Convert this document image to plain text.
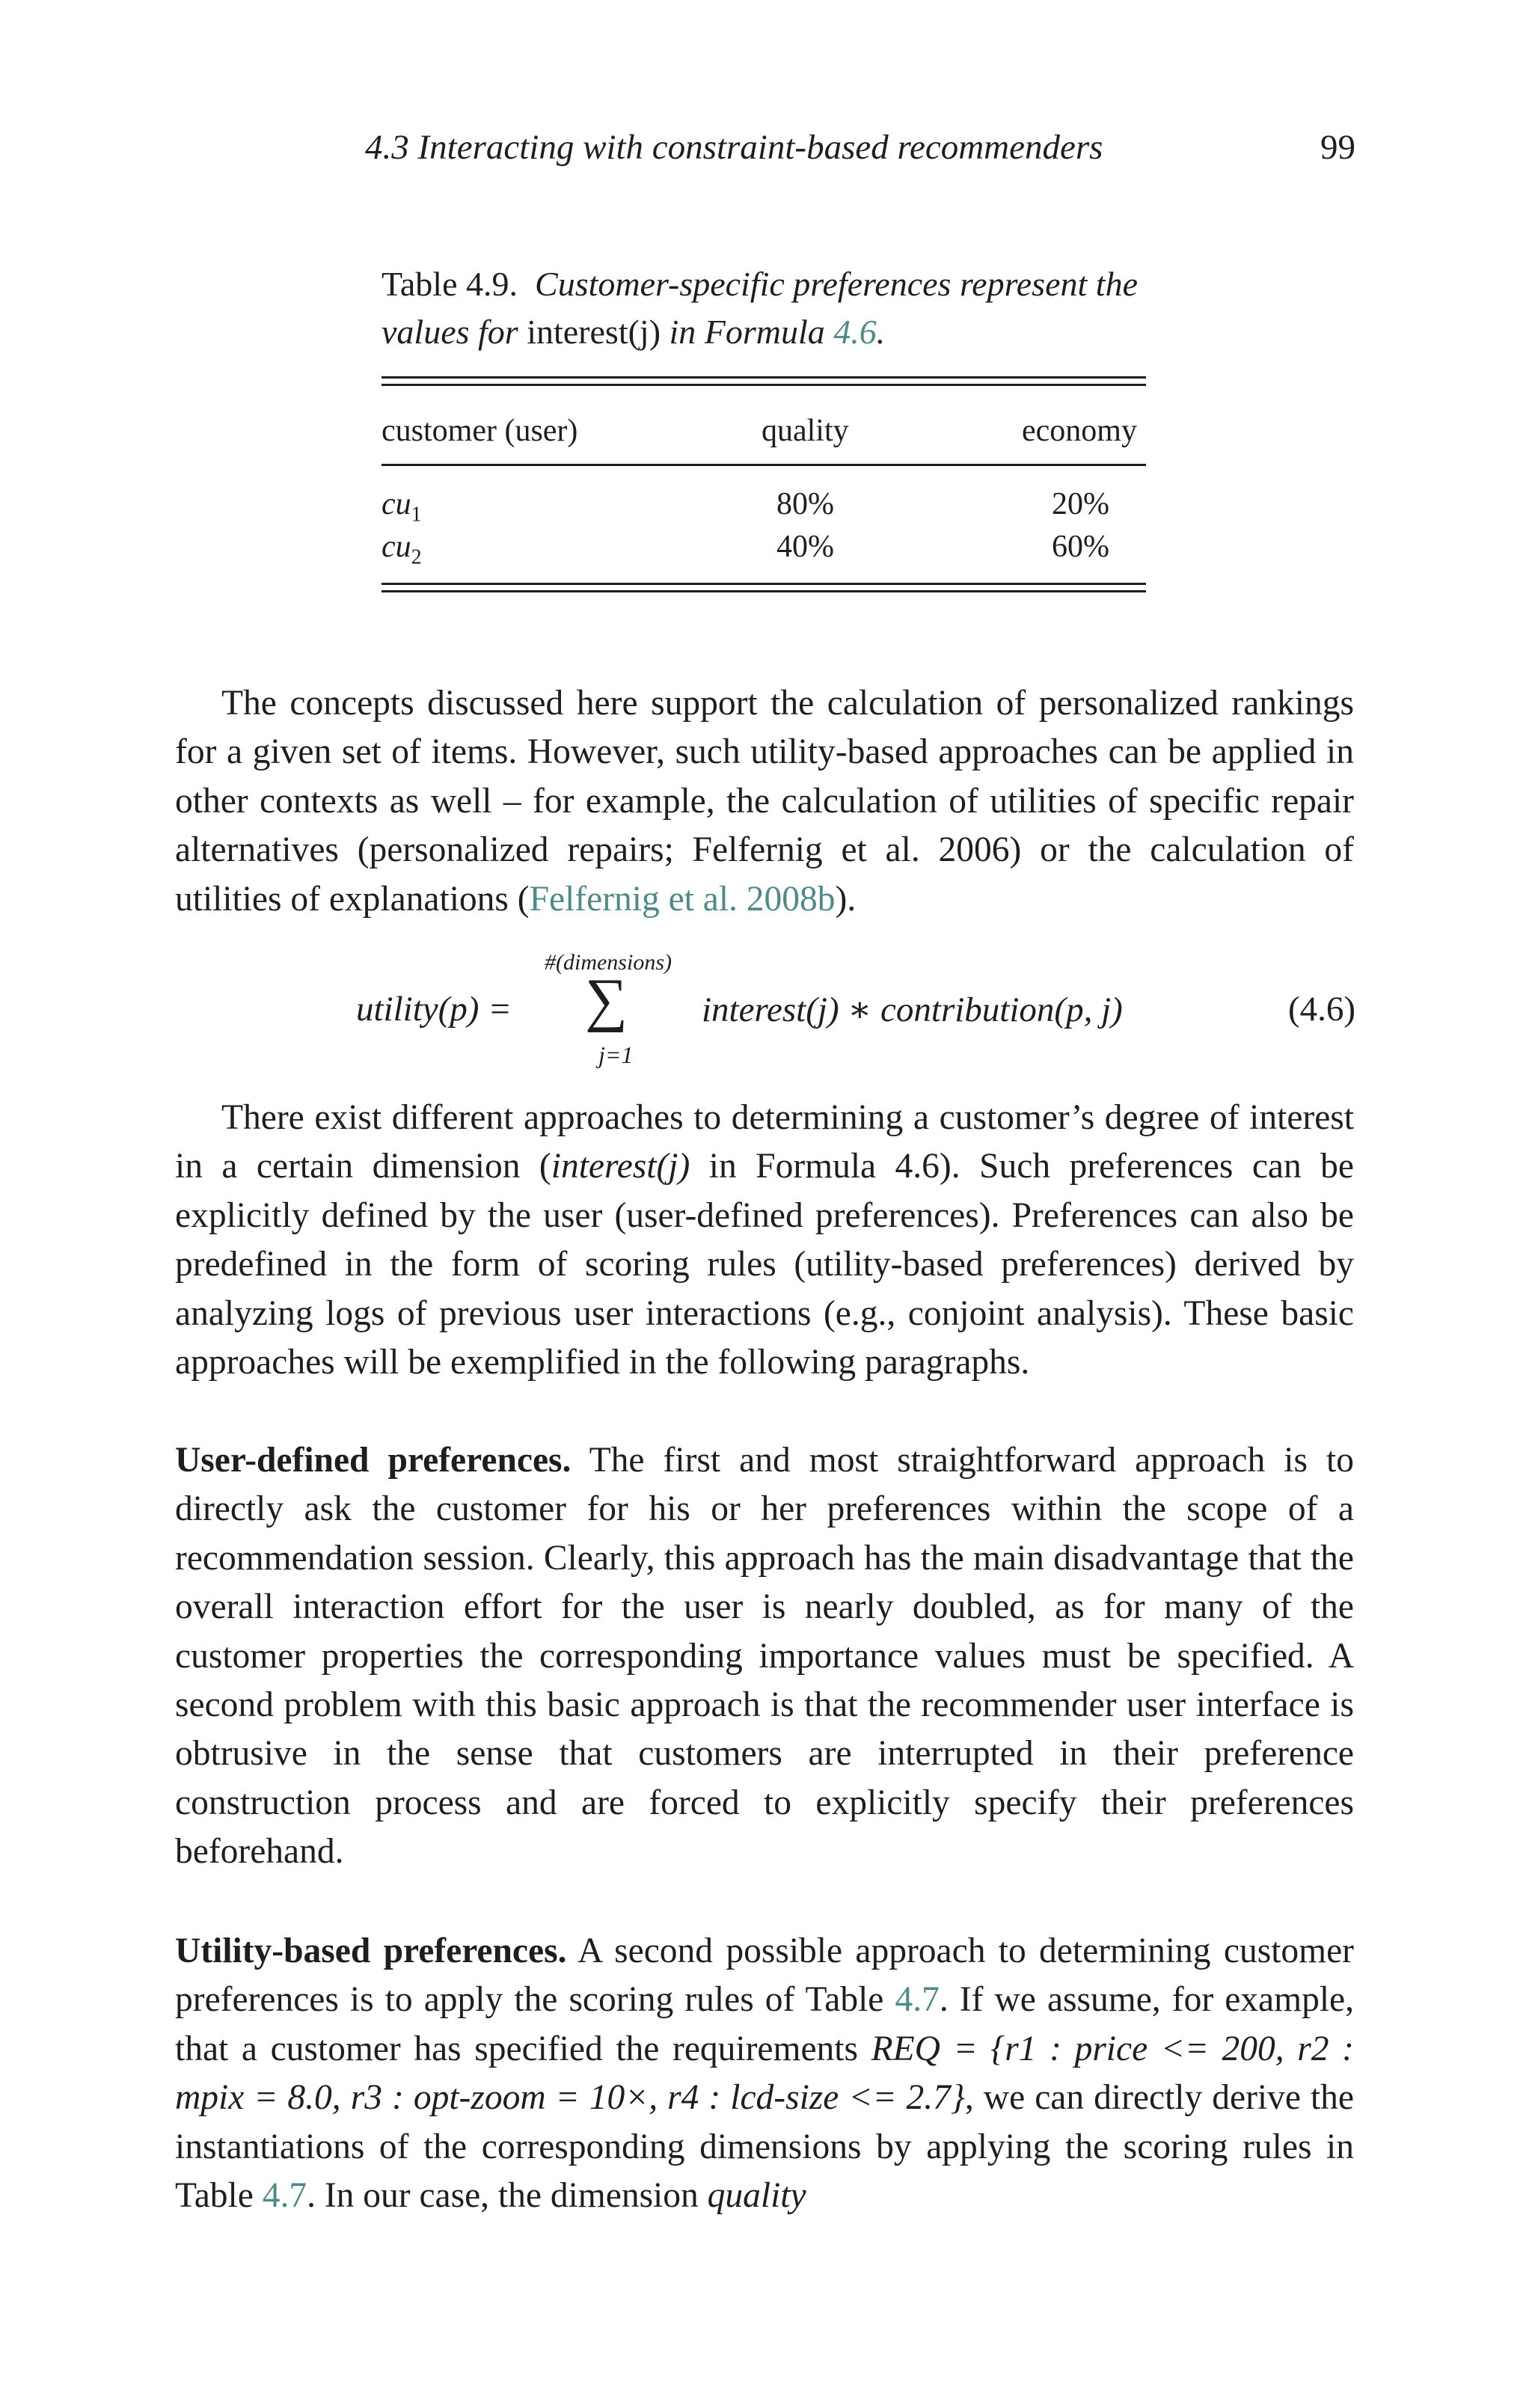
4.3 Interacting with constraint-based recommenders	99
Table 4.9. Customer-specific preferences represent the values for interest(j) in Formula 4.6.
customer (user)	quality	economy
$cu_1$	80%	20%
$cu_2$	40%	60%

The concepts discussed here support the calculation of personalized rankings for a given set of items. However, such utility-based approaches can be applied in other contexts as well – for example, the calculation of utilities of specific repair alternatives (personalized repairs; Felfernig et al. 2006) or the calculation of utilities of explanations (Felfernig et al. 2008b).

utility(p) =
#(dimensions)
∑
j=1
interest(j) ∗ contribution(p, j)	(4.6)

There exist different approaches to determining a customer’s degree of interest in a certain dimension (interest(j) in Formula 4.6). Such preferences can be explicitly defined by the user (user-defined preferences). Preferences can also be predefined in the form of scoring rules (utility-based preferences) derived by analyzing logs of previous user interactions (e.g., conjoint analysis). These basic approaches will be exemplified in the following paragraphs.

User-defined preferences. The first and most straightforward approach is to directly ask the customer for his or her preferences within the scope of a recommendation session. Clearly, this approach has the main disadvantage that the overall interaction effort for the user is nearly doubled, as for many of the customer properties the corresponding importance values must be specified. A second problem with this basic approach is that the recommender user interface is obtrusive in the sense that customers are interrupted in their preference construction process and are forced to explicitly specify their preferences beforehand.

Utility-based preferences. A second possible approach to determining customer preferences is to apply the scoring rules of Table 4.7. If we assume, for example, that a customer has specified the requirements REQ = {r1 : price <= 200, r2 : mpix = 8.0, r3 : opt-zoom = 10×, r4 : lcd-size <= 2.7}, we can directly derive the instantiations of the corresponding dimensions by applying the scoring rules in Table 4.7. In our case, the dimension quality
